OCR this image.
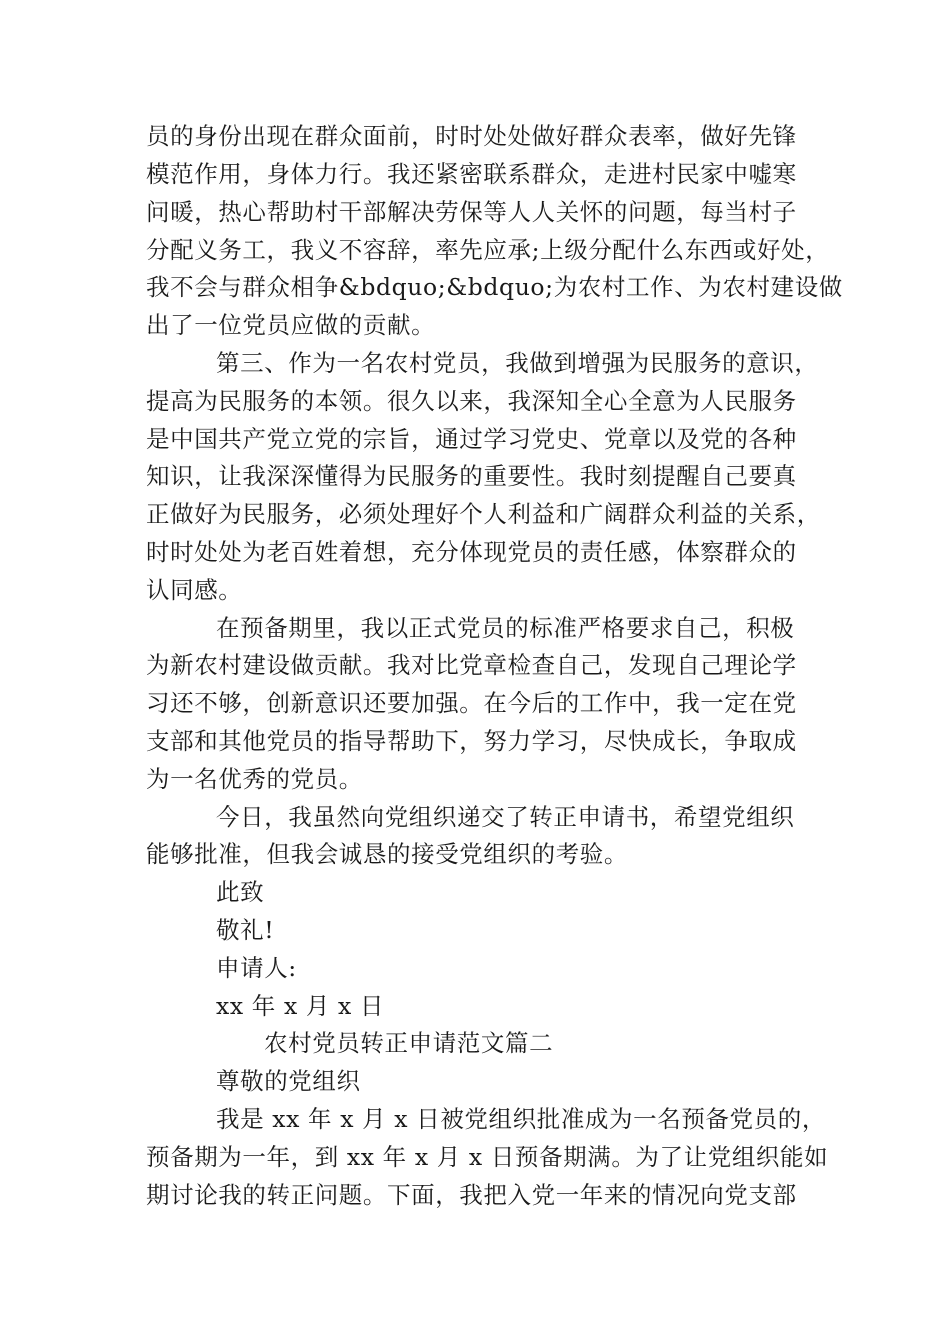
员的身份出现在群众面前，时时处处做好群众表率，做好先锋
模范作用，身体力行。我还紧密联系群众，走进村民家中嘘寒
问暖，热心帮助村干部解决劳保等人人关怀的问题，每当村子
分配义务工，我义不容辞，率先应承;上级分配什么东西或好处，
我不会与群众相争&bdquo;&bdquo;为农村工作、为农村建设做
出了一位党员应做的贡献。
第三、作为一名农村党员，我做到增强为民服务的意识，
提高为民服务的本领。很久以来，我深知全心全意为人民服务
是中国共产党立党的宗旨，通过学习党史、党章以及党的各种
知识，让我深深懂得为民服务的重要性。我时刻提醒自己要真
正做好为民服务，必须处理好个人利益和广阔群众利益的关系，
时时处处为老百姓着想，充分体现党员的责任感，体察群众的
认同感。
在预备期里，我以正式党员的标准严格要求自己，积极
为新农村建设做贡献。我对比党章检查自己，发现自己理论学
习还不够，创新意识还要加强。在今后的工作中，我一定在党
支部和其他党员的指导帮助下，努力学习，尽快成长，争取成
为一名优秀的党员。
今日，我虽然向党组织递交了转正申请书，希望党组织
能够批准，但我会诚恳的接受党组织的考验。
此致
敬礼!
申请人:
xx 年 x 月 x 日
农村党员转正申请范文篇二
尊敬的党组织
我是 xx 年 x 月 x 日被党组织批准成为一名预备党员的，
预备期为一年，到 xx 年 x 月 x 日预备期满。为了让党组织能如
期讨论我的转正问题。下面，我把入党一年来的情况向党支部
